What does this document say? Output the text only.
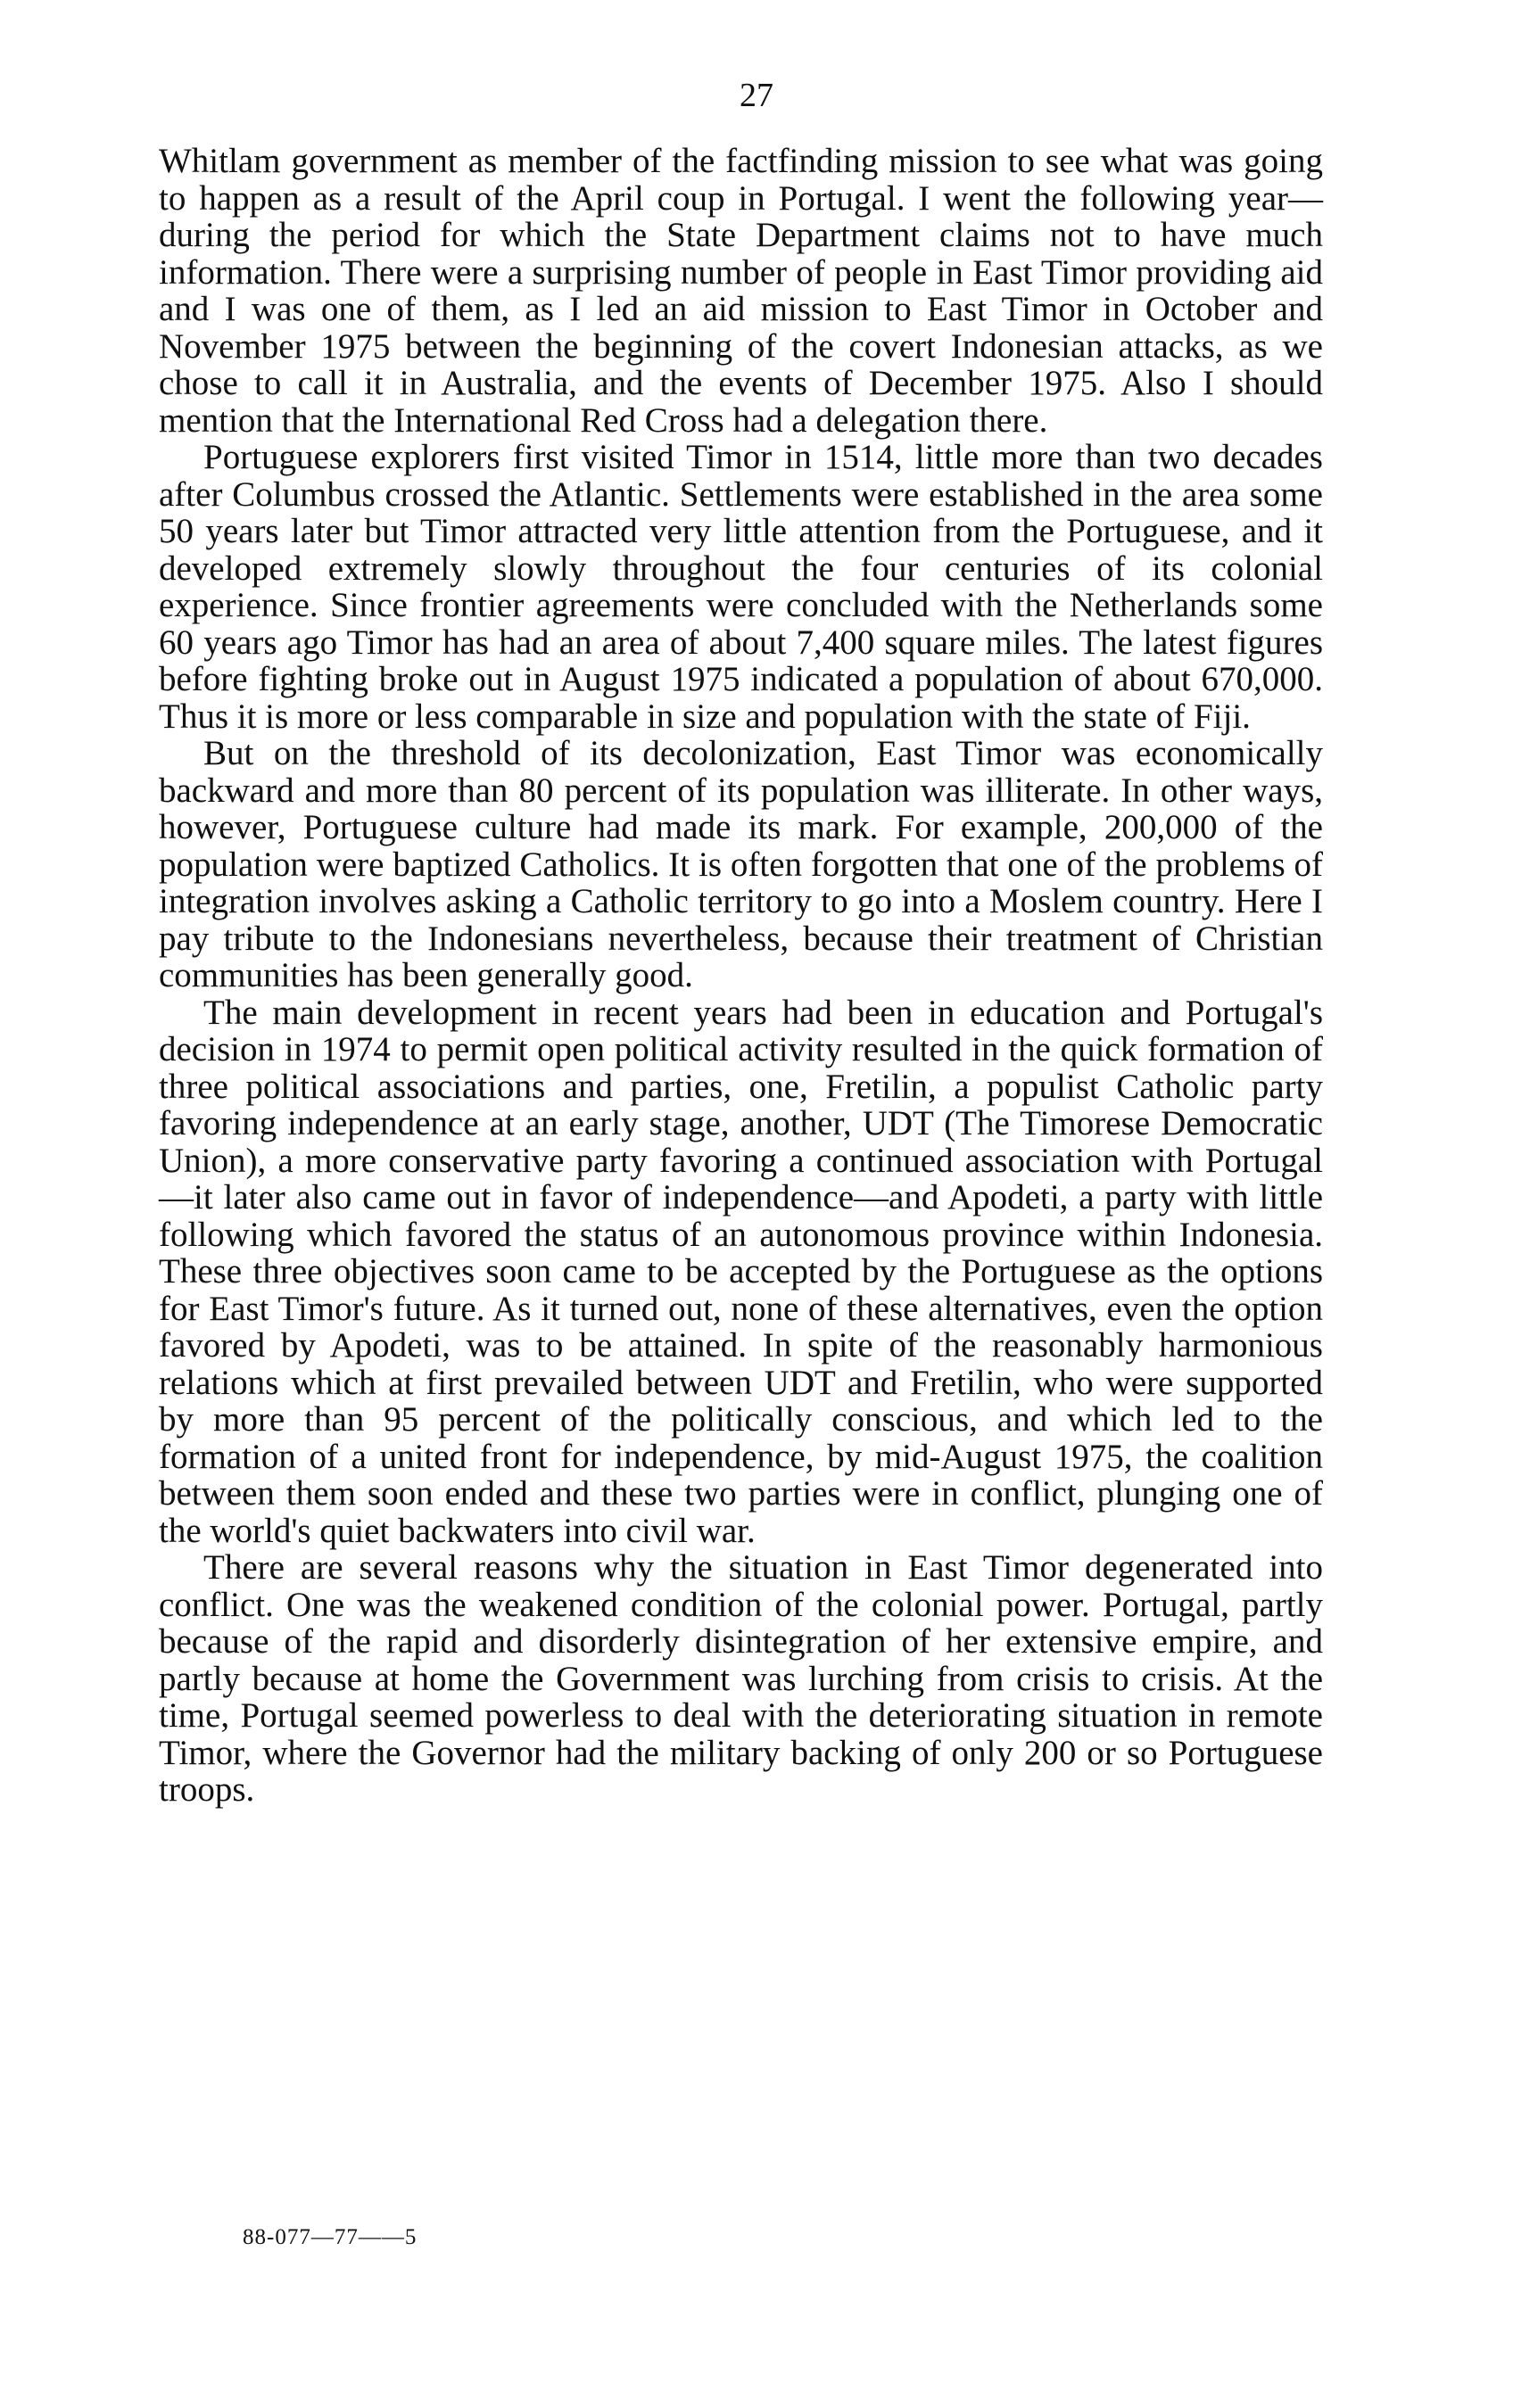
27

Whitlam government as member of the factfinding mission to see what was going to happen as a result of the April coup in Portugal. I went the following year—during the period for which the State Department claims not to have much information. There were a surprising number of people in East Timor providing aid and I was one of them, as I led an aid mission to East Timor in October and November 1975 between the beginning of the covert Indonesian attacks, as we chose to call it in Australia, and the events of December 1975. Also I should mention that the International Red Cross had a delegation there.

Portuguese explorers first visited Timor in 1514, little more than two decades after Columbus crossed the Atlantic. Settlements were established in the area some 50 years later but Timor attracted very little attention from the Portuguese, and it developed extremely slowly throughout the four centuries of its colonial experience. Since frontier agreements were concluded with the Netherlands some 60 years ago Timor has had an area of about 7,400 square miles. The latest figures before fighting broke out in August 1975 indicated a population of about 670,000. Thus it is more or less comparable in size and population with the state of Fiji.

But on the threshold of its decolonization, East Timor was economically backward and more than 80 percent of its population was illiterate. In other ways, however, Portuguese culture had made its mark. For example, 200,000 of the population were baptized Catholics. It is often forgotten that one of the problems of integration involves asking a Catholic territory to go into a Moslem country. Here I pay tribute to the Indonesians nevertheless, because their treatment of Christian communities has been generally good.

The main development in recent years had been in education and Portugal's decision in 1974 to permit open political activity resulted in the quick formation of three political associations and parties, one, Fretilin, a populist Catholic party favoring independence at an early stage, another, UDT (The Timorese Democratic Union), a more conservative party favoring a continued association with Portugal—it later also came out in favor of independence—and Apodeti, a party with little following which favored the status of an autonomous province within Indonesia. These three objectives soon came to be accepted by the Portuguese as the options for East Timor's future. As it turned out, none of these alternatives, even the option favored by Apodeti, was to be attained. In spite of the reasonably harmonious relations which at first prevailed between UDT and Fretilin, who were supported by more than 95 percent of the politically conscious, and which led to the formation of a united front for independence, by mid-August 1975, the coalition between them soon ended and these two parties were in conflict, plunging one of the world's quiet backwaters into civil war.

There are several reasons why the situation in East Timor degenerated into conflict. One was the weakened condition of the colonial power. Portugal, partly because of the rapid and disorderly disintegration of her extensive empire, and partly because at home the Government was lurching from crisis to crisis. At the time, Portugal seemed powerless to deal with the deteriorating situation in remote Timor, where the Governor had the military backing of only 200 or so Portuguese troops.

88-077—77——5
